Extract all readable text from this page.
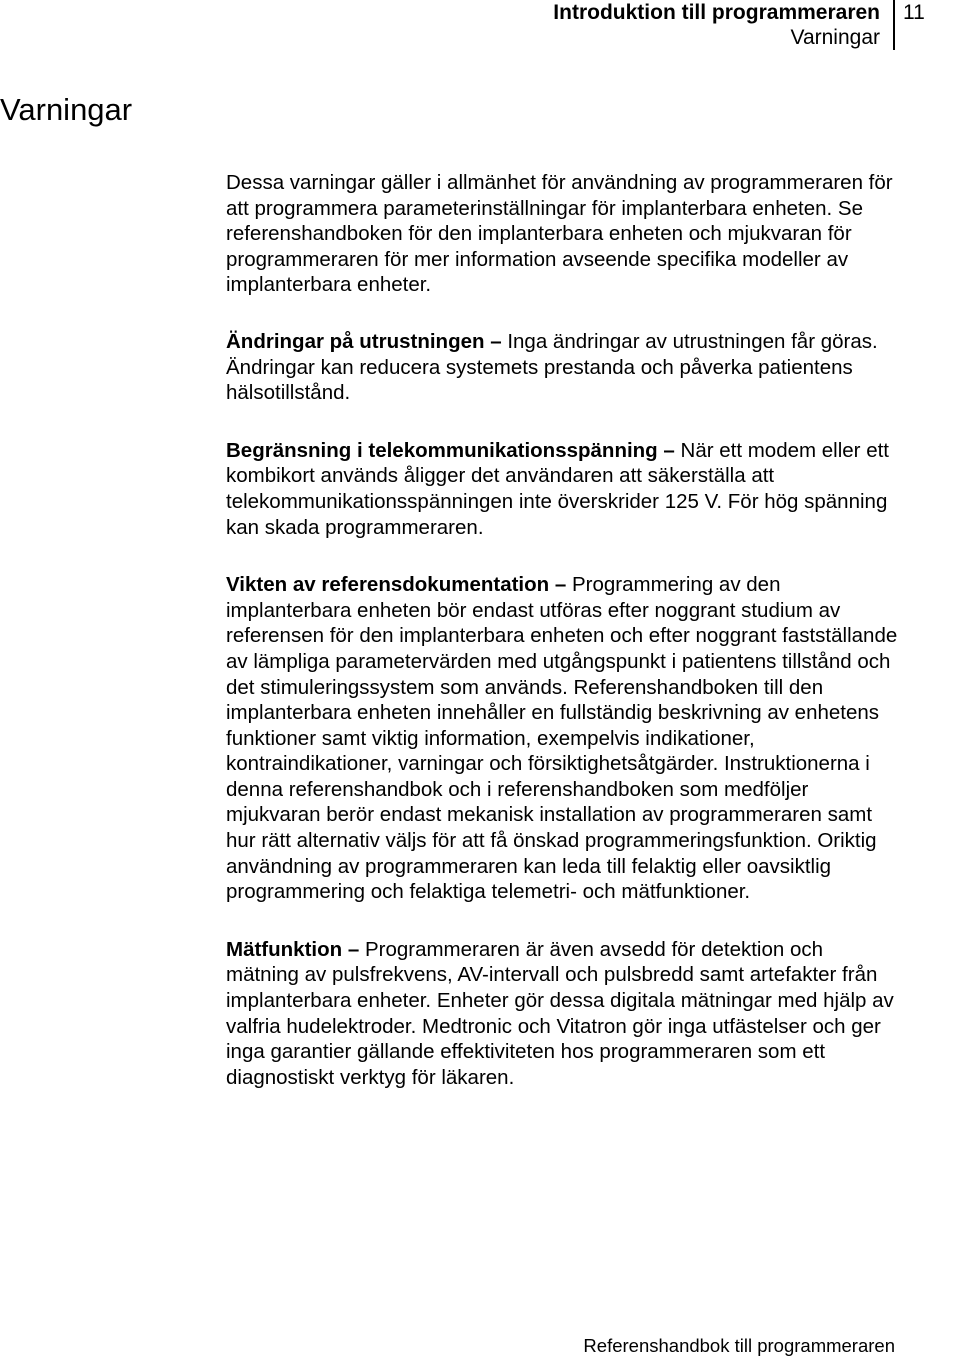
Introduktion till programmeraren
Varningar
11
Varningar

Dessa varningar gäller i allmänhet för användning av programmeraren för att programmera parameterinställningar för implanterbara enheten. Se referenshandboken för den implanterbara enheten och mjukvaran för programmeraren för mer information avseende specifika modeller av implanterbara enheter.

Ändringar på utrustningen – Inga ändringar av utrustningen får göras. Ändringar kan reducera systemets prestanda och påverka patientens hälsotillstånd.

Begränsning i telekommunikationsspänning – När ett modem eller ett kombikort används åligger det användaren att säkerställa att telekommunikationsspänningen inte överskrider 125 V. För hög spänning kan skada programmeraren.

Vikten av referensdokumentation – Programmering av den implanterbara enheten bör endast utföras efter noggrant studium av referensen för den implanterbara enheten och efter noggrant fastställande av lämpliga parametervärden med utgångspunkt i patientens tillstånd och det stimuleringssystem som används. Referenshandboken till den implanterbara enheten innehåller en fullständig beskrivning av enhetens funktioner samt viktig information, exempelvis indikationer, kontraindikationer, varningar och försiktighetsåtgärder. Instruktionerna i denna referenshandbok och i referenshandboken som medföljer mjukvaran berör endast mekanisk installation av programmeraren samt hur rätt alternativ väljs för att få önskad programmeringsfunktion. Oriktig användning av programmeraren kan leda till felaktig eller oavsiktlig programmering och felaktiga telemetri- och mätfunktioner.

Mätfunktion – Programmeraren är även avsedd för detektion och mätning av pulsfrekvens, AV-intervall och pulsbredd samt artefakter från implanterbara enheter. Enheter gör dessa digitala mätningar med hjälp av valfria hudelektroder. Medtronic och Vitatron gör inga utfästelser och ger inga garantier gällande effektiviteten hos programmeraren som ett diagnostiskt verktyg för läkaren.

Referenshandbok till programmeraren
